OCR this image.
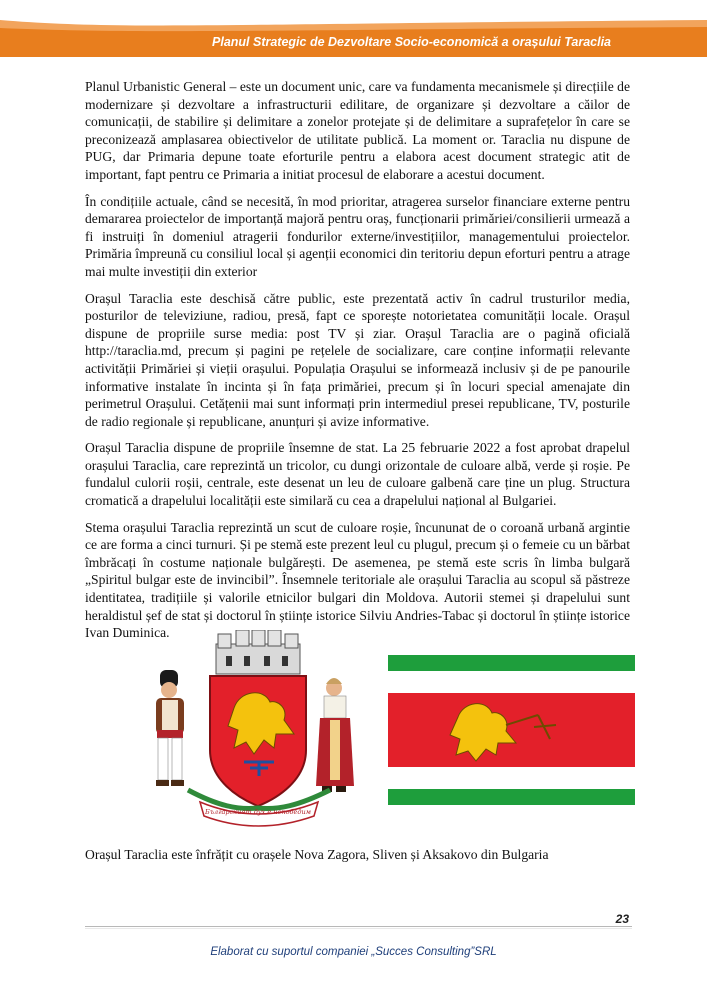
Planul Strategic de Dezvoltare Socio-economică a orașului Taraclia

Planul Urbanistic General – este un document unic, care va fundamenta mecanismele și direcțiile de modernizare și dezvoltare a infrastructurii edilitare, de organizare și dezvoltare a căilor de comunicații, de stabilire și delimitare a zonelor protejate și de delimitare a suprafețelor în care se preconizează amplasarea obiectivelor de utilitate publică. La moment or. Taraclia nu dispune de PUG, dar Primaria depune toate eforturile pentru a elabora acest document strategic atit de important, fapt pentru ce Primaria a initiat procesul de elaborare a acestui document.

În condițiile actuale, când se necesită, în mod prioritar, atragerea surselor financiare externe pentru demararea proiectelor de importanță majoră pentru oraș, funcționarii primăriei/consilierii urmează a fi instruiți în domeniul atragerii fondurilor externe/investițiilor, managementului proiectelor. Primăria împreună cu consiliul local și agenții economici din teritoriu depun eforturi pentru a atrage mai multe investiții din exterior

Orașul Taraclia este deschisă către public, este prezentată activ în cadrul trusturilor media, posturilor de televiziune, radiou, presă, fapt ce sporește notorietatea comunității locale. Orașul dispune de propriile surse media: post TV și ziar. Orașul Taraclia are o pagină oficială http://taraclia.md, precum și pagini pe rețelele de socializare, care conține informații relevante activității Primăriei și vieții orașului. Populația Orașului se informează inclusiv și de pe panourile informative instalate în incinta și în fața primăriei, precum și în locuri special amenajate din perimetrul Orașului. Cetățenii mai sunt informați prin intermediul presei republicane, TV, posturile de radio regionale și republicane, anunțuri și avize informative.

Orașul Taraclia dispune de propriile însemne de stat. La 25 februarie 2022 a fost aprobat drapelul orașului Taraclia, care reprezintă un tricolor, cu dungi orizontale de culoare albă, verde și roșie. Pe fundalul culorii roșii, centrale, este desenat un leu de culoare galbenă care ține un plug. Structura cromatică a drapelului localității este similară cu cea a drapelului național al Bulgariei.

Stema orașului Taraclia reprezintă un scut de culoare roșie, încununat de o coroană urbană argintie ce are forma a cinci turnuri. Și pe stemă este prezent leul cu plugul, precum și o femeie cu un bărbat îmbrăcați în costume naționale bulgărești. De asemenea, pe stemă este scris în limba bulgară „Spiritul bulgar este de invincibil”. Însemnele teritoriale ale orașului Taraclia au scopul să păstreze identitatea, tradițiile și valorile etnicilor bulgari din Moldova. Autorii stemei și drapelului sunt heraldistul șef de stat și doctorul în științe istorice Silviu Andries-Tabac și doctorul în științe istorice Ivan Duminica.

Българският дух е непобедим
Orașul Taraclia este înfrățit cu orașele Nova Zagora, Sliven și Aksakovo din Bulgaria
23
Elaborat cu suportul companiei „Succes Consulting”SRL
